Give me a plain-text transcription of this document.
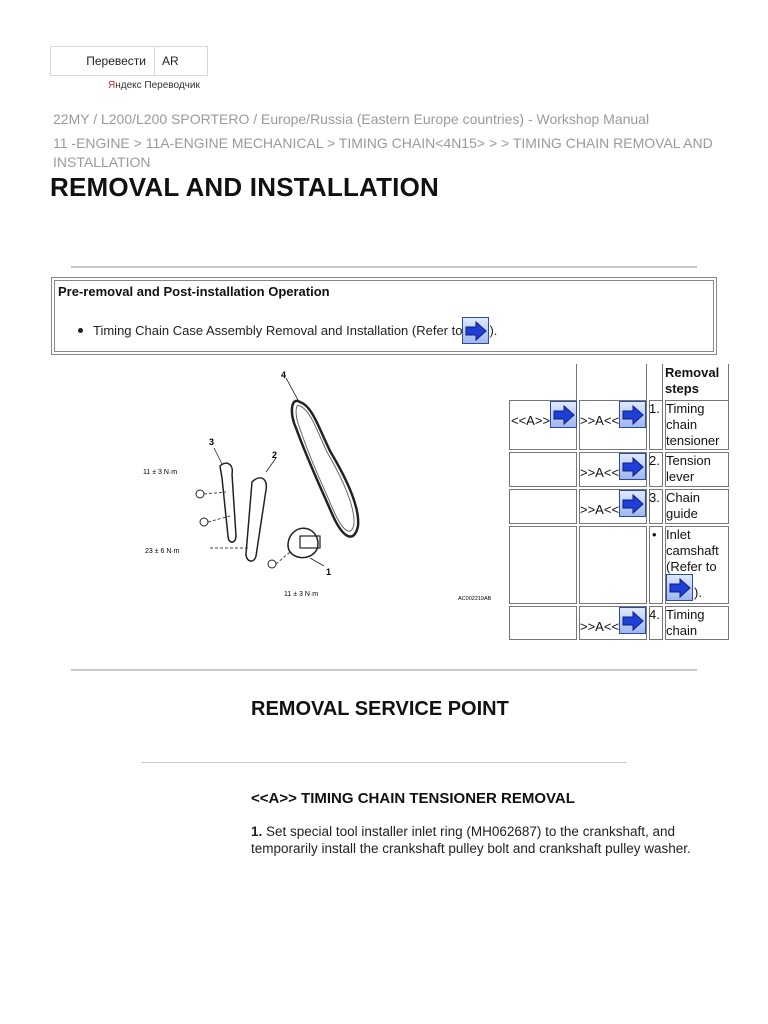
Перевести	AR
Яндекс Переводчик

22MY / L200/L200 SPORTERO / Europe/Russia (Eastern Europe countries) - Workshop Manual

11 -ENGINE > 11A-ENGINE MECHANICAL > TIMING CHAIN<4N15> > > TIMING CHAIN REMOVAL AND INSTALLATION

REMOVAL AND INSTALLATION

Pre-removal and Post-installation Operation

Timing Chain Case Assembly Removal and Installation (Refer to ).
4
2
3
1
11 ± 3 N·m
23 ± 6 N·m
11 ± 3 N·m
AC002219AB
Removal steps
<<A>> >>A<<
1. Timing chain tensioner
>>A<<
2. Tension lever
>>A<<
3. Chain guide
• Inlet camshaft (Refer to
).
>>A<<
4. Timing chain
REMOVAL SERVICE POINT
<<A>> TIMING CHAIN TENSIONER REMOVAL

1. Set special tool installer inlet ring (MH062687) to the crankshaft, and temporarily install the crankshaft pulley bolt and crankshaft pulley washer.
